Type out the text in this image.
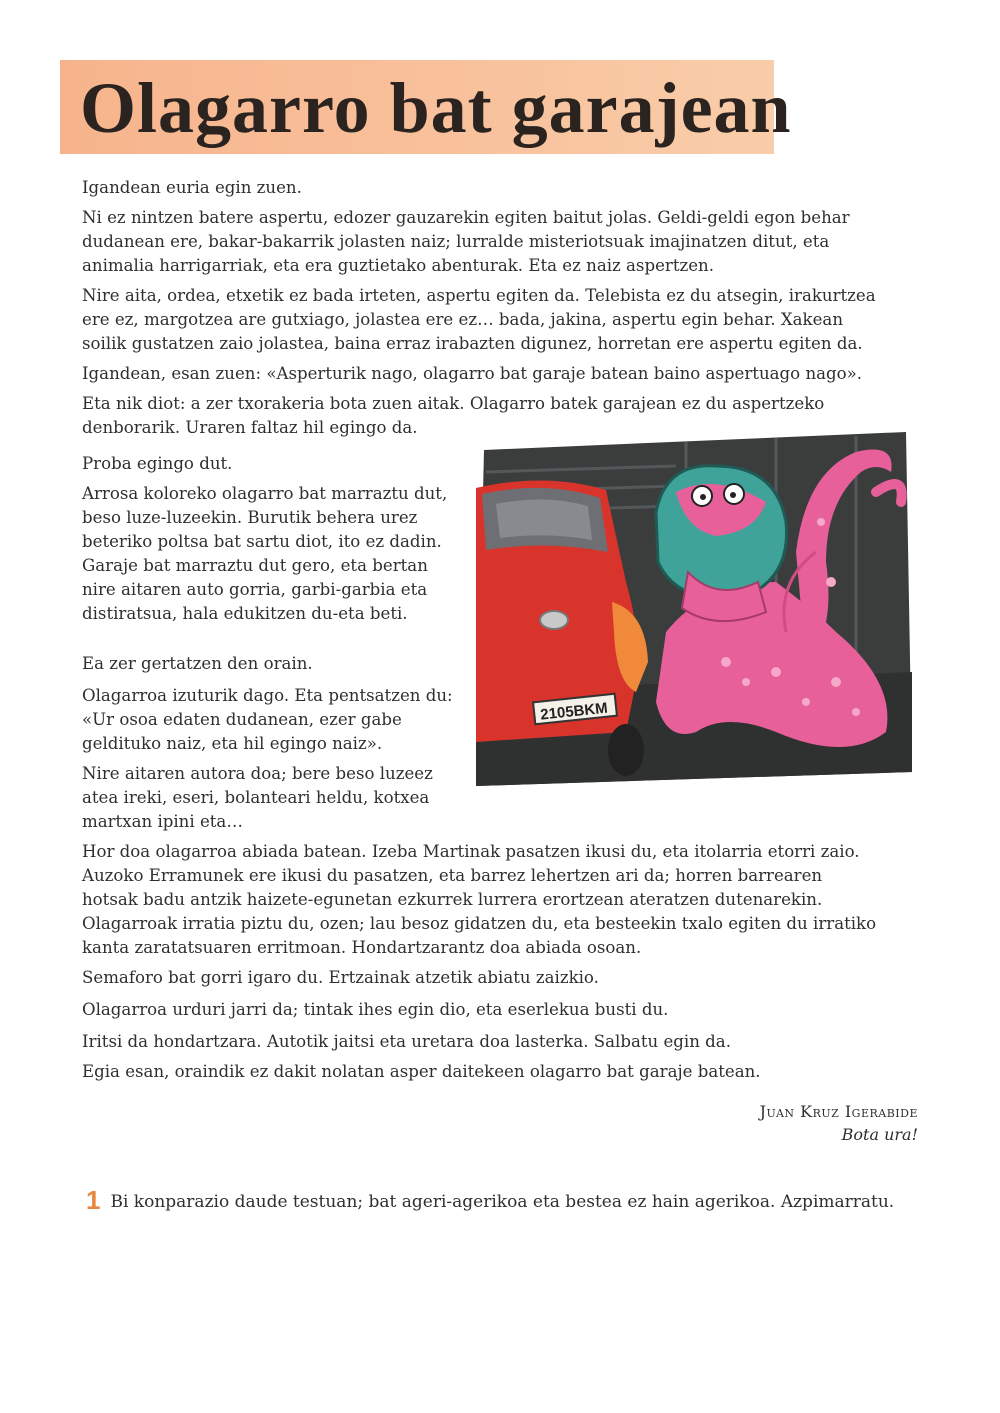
Olagarro bat garajean

Igandean euria egin zuen.

Ni ez nintzen batere aspertu, edozer gauzarekin egiten baitut jolas. Geldi-geldi egon behar dudanean ere, bakar-bakarrik jolasten naiz; lurralde misteriotsuak imajinatzen ditut, eta animalia harrigarriak, eta era guztietako abenturak. Eta ez naiz aspertzen.

Nire aita, ordea, etxetik ez bada irteten, aspertu egiten da. Telebista ez du atsegin, irakurtzea ere ez, margotzea are gutxiago, jolastea ere ez… bada, jakina, aspertu egin behar. Xakean soilik gustatzen zaio jolastea, baina erraz irabazten digunez, horretan ere aspertu egiten da.

Igandean, esan zuen: «Asperturik nago, olagarro bat garaje batean baino aspertuago nago».

Eta nik diot: a zer txorakeria bota zuen aitak. Olagarro batek garajean ez du aspertzeko denborarik. Uraren faltaz hil egingo da.

Proba egingo dut.

Arrosa koloreko olagarro bat marraztu dut, beso luze-luzeekin. Burutik behera urez beteriko poltsa bat sartu diot, ito ez dadin. Garaje bat marraztu dut gero, eta bertan nire aitaren auto gorria, garbi-garbia eta distiratsua, hala edukitzen du-eta beti.

Ea zer gertatzen den orain.

Olagarroa izuturik dago. Eta pentsatzen du: «Ur osoa edaten dudanean, ezer gabe geldituko naiz, eta hil egingo naiz».

Nire aitaren autora doa; bere beso luzeez atea ireki, eseri, bolanteari heldu, kotxea martxan ipini eta…

Hor doa olagarroa abiada batean. Izeba Martinak pasatzen ikusi du, eta itolarria etorri zaio. Auzoko Erramunek ere ikusi du pasatzen, eta barrez lehertzen ari da; horren barrearen hotsak badu antzik haizete-egunetan ezkurrek lurrera erortzean ateratzen dutenarekin.

Olagarroak irratia piztu du, ozen; lau besoz gidatzen du, eta besteekin txalo egiten du irratiko kanta zaratatsuaren erritmoan. Hondartzarantz doa abiada osoan.

Semaforo bat gorri igaro du. Ertzainak atzetik abiatu zaizkio.

Olagarroa urduri jarri da; tintak ihes egin dio, eta eserlekua busti du.

Iritsi da hondartzara. Autotik jaitsi eta uretara doa lasterka. Salbatu egin da.

Egia esan, oraindik ez dakit nolatan asper daitekeen olagarro bat garaje batean.

Juan Kruz Igerabide
Bota ura!
2105BKM
1 Bi konparazio daude testuan; bat ageri-agerikoa eta bestea ez hain agerikoa. Azpimarratu.
